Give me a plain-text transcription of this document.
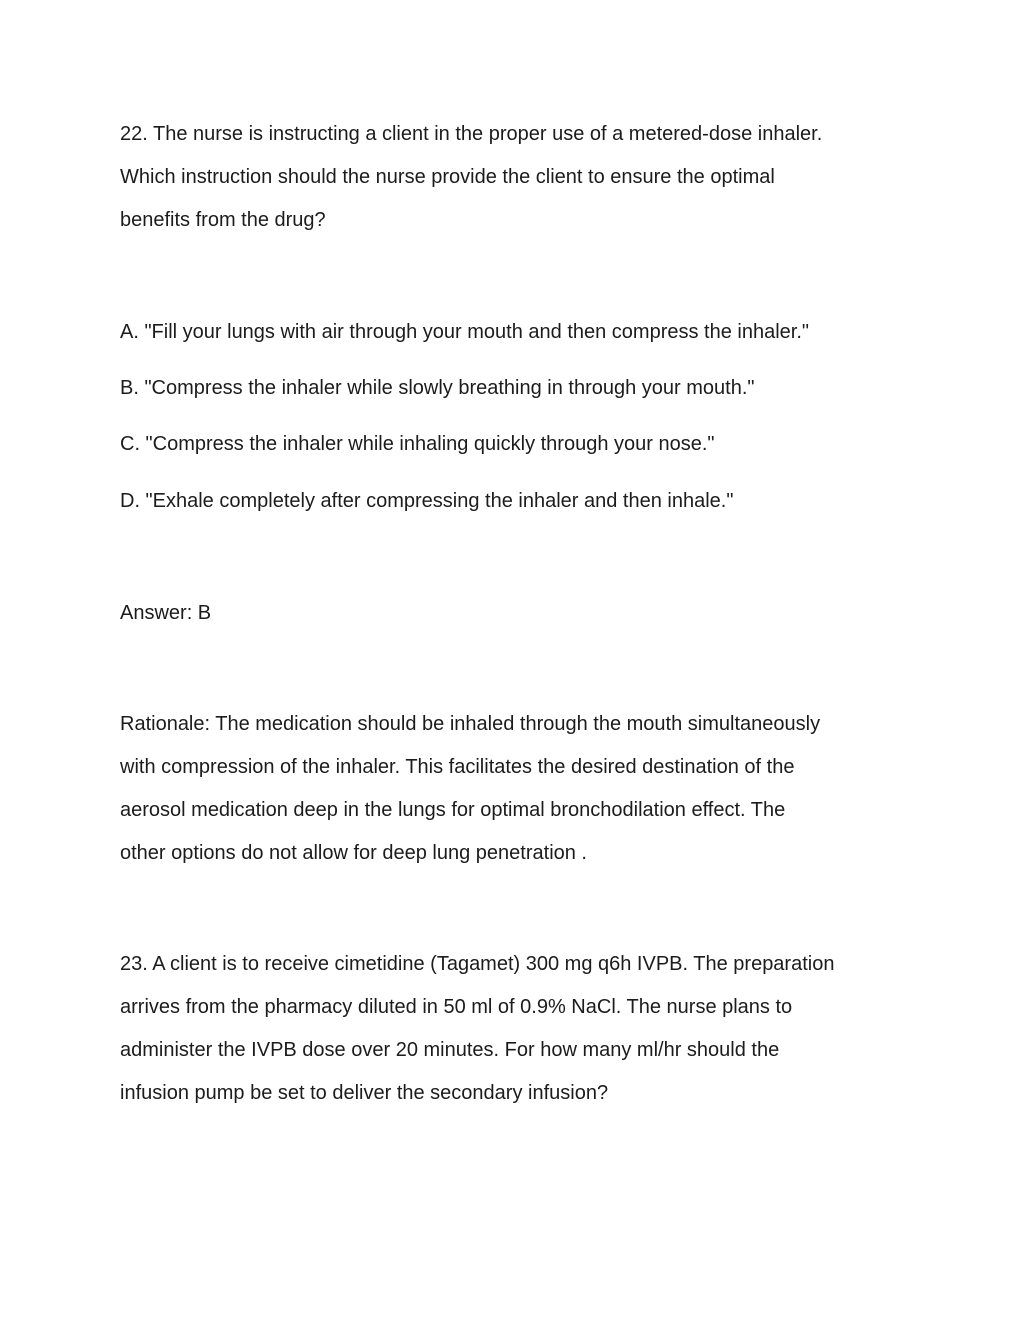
22. The nurse is instructing a client in the proper use of a metered-dose inhaler.
Which instruction should the nurse provide the client to ensure the optimal
benefits from the drug?

A. "Fill your lungs with air through your mouth and then compress the inhaler."

B. "Compress the inhaler while slowly breathing in through your mouth."

C. "Compress the inhaler while inhaling quickly through your nose."

D. "Exhale completely after compressing the inhaler and then inhale."

Answer: B

Rationale: The medication should be inhaled through the mouth simultaneously
with compression of the inhaler. This facilitates the desired destination of the
aerosol medication deep in the lungs for optimal bronchodilation effect. The
other options do not allow for deep lung penetration .

23. A client is to receive cimetidine (Tagamet) 300 mg q6h IVPB. The preparation
arrives from the pharmacy diluted in 50 ml of 0.9% NaCl. The nurse plans to
administer the IVPB dose over 20 minutes. For how many ml/hr should the
infusion pump be set to deliver the secondary infusion?
